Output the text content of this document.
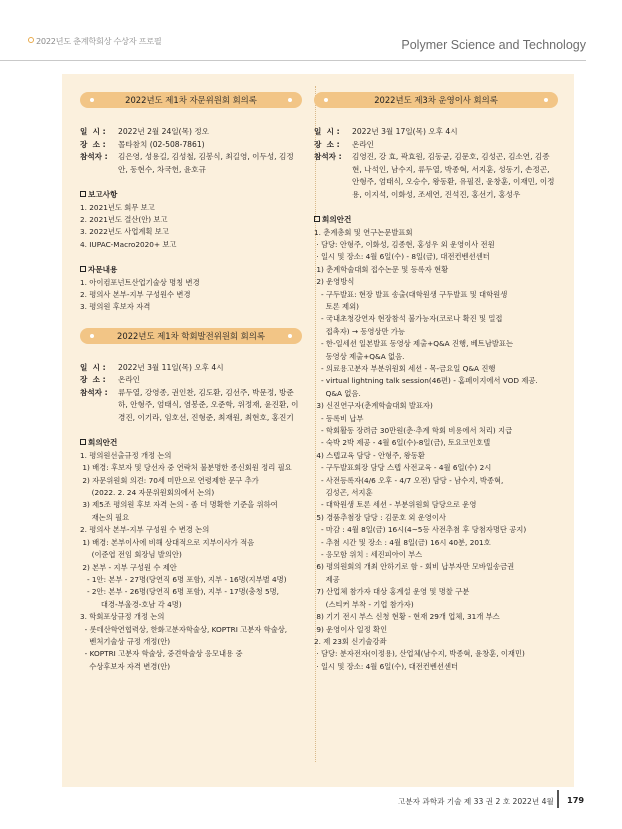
2022년도 춘계학회상 수상자 프로필	Polymer Science and Technology
2022년도 제1차 자문위원회 회의록
일  시 :	2022년 2월 24일(목) 정오
장  소 :	몰타참치 (02-508-7861)
참석자 :	김은영, 성용길, 김성철, 김봉식, 최길영, 이두성, 김정안, 동현수, 차국헌, 윤호규
보고사항
1. 2021년도 회무 보고
2. 2021년도 결산(안) 보고
3. 2022년도 사업계획 보고
4. IUPAC-Macro2020+ 보고
자문내용
1. 아이컴포넌트산업기술상 명칭 변경
2. 평의사 본부-지부 구성원수 변경
3. 평의원 후보자 자격
2022년도 제1차 학회발전위원회 회의록
일  시 :	2022년 3월 11일(목) 오후 4시
장  소 :	온라인
참석자 :	류두열, 강영종, 권인찬, 김도환, 김선주, 박문정, 방준하, 안형주, 엄태식, 염봉준, 오준학, 위정재, 윤진환, 이경진, 이기라, 임호선, 진형준, 최재원, 최현호, 홍진기
회의안건
1. 평의원선출규정 개정 논의
1) 배경: 후보자 및 당선자 중 연락처 불분명한 종신회원 정리 필요
2) 자문위원회 의견: 70세 미만으로 연령제한 문구 추가
(2022. 2. 24 자문위원회의에서 논의)
3) 제5조 평의원 후보 자격 논의 - 좀 더 명확한 기준을 위하여
재논의 필요
2. 평의사 본부-지부 구성원 수 변경 논의
1) 배경: 본부이사에 비해 상대적으로 지부이사가 적음
(이준엽 전임 회장님 발의안)
2) 본부 - 지부 구성원 수 제안
- 1안: 본부 - 27명(당연직 6명 포함), 지부 - 16명(지부별 4명)
- 2안: 본부 - 26명(당연직 6명 포함), 지부 - 17명(충청 5명,
대경-부울경-호남 각 4명)
3. 학회포상규정 개정 논의
- 롯데산학연협력상, 한화고분자학술상, KOPTRI 고분자 학술상,
벤처기술상 규정 개정(안)
- KOPTRI 고분자 학술상, 중견학술상 응모내용 중
수상후보자 자격 변경(안)
2022년도 제3차 운영이사 회의록
일  시 :	2022년 3월 17일(목) 오후 4시
장  소 :	온라인
참석자 :	김영진, 강 효, 곽효원, 김동균, 김문호, 김성곤, 김소연, 김종현, 나석인, 남수지, 류두열, 박종혁, 서지훈, 성동기, 손정곤, 안형주, 엄태식, 오승수, 왕동환, 유필진, 윤창훈, 이재민, 이정용, 이지석, 이화성, 조세연, 진석진, 홍선기, 홍성우
회의안건
1. 춘계총회 및 연구논문발표회
· 담당: 안형주, 이화성, 김종현, 홍성우 외 운영이사 전원
· 일시 및 장소: 4월 6일(수) - 8일(금), 대전컨벤션센터
1) 춘계학술대회 접수논문 및 등록자 현황
2) 운영방식
- 구두발표: 현장 발표 송출(대학원생 구두발표 및 대학원생
토론 제외)
- 국내초청강연자 현장참석 불가능자(코로나 확진 및 밀접
접촉자) → 동영상만 가능
- 한-일세션 일본발표 동영상 제출+Q&A 진행, 베트남발표는
동영상 제출+Q&A 없음.
- 의료용고분자 부분위원회 세션 - 목-금요일 Q&A 진행
- virtual lightning talk session(46편) - 홈페이지에서 VOD 제공.
Q&A 없음.
3) 신진연구자(춘계학술대회 발표자)
- 등록비 납부
- 학회활동 장려금 30만원(춘·추계 학회 비용에서 처리) 지급
- 숙박 2박 제공 - 4월 6일(수)-8일(금), 토요코인호텔
4) 스텝교육 담당 - 안형주, 왕동환
- 구두발표회장 담당 스텝 사전교육 - 4월 6일(수) 2시
- 사전등록자(4/6 오후 - 4/7 오전) 담당 - 남수지, 박종혁,
김성곤, 서지훈
- 대학원생 토론 세션 - 부분위원회 담당으로 운영
5) 경품추첨장 담당 : 김문호 외 운영이사
- 마감 : 4월 8일(금) 16시(4~5등 사전추첨 후 당첨자명단 공지)
- 추첨 시간 및 장소 : 4월 8일(금) 16시 40분, 201호
- 응모함 위치 : 세진피아이 부스
6) 평의원회의 개최 안하기로 함 - 회비 납부자만 모바일송금권
제공
7) 산업체 참가자 대상 홍계설 운영 및 명찰 구분
(스티커 부착 - 기업 참가자)
8) 기기 전시 부스 신청 현황 - 현재 29개 업체, 31개 부스
9) 운영이사 일정 확인
2. 제 23회 신기술강좌
· 담당: 분자전자(이정용), 산업체(남수지, 박종혁, 윤창훈, 이재민)
· 일시 및 장소: 4월 6일(수), 대전컨벤션센터
고분자 과학과 기술 제 33 권 2 호 2022년 4월 179
